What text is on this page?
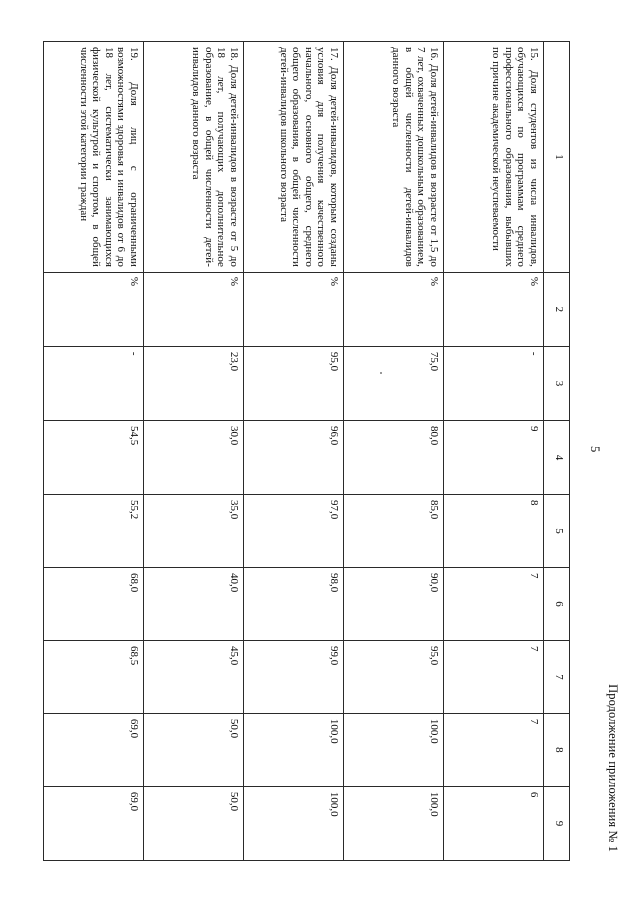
Продолжение приложения № 1
5
1	2	3	4	5	6	7	8	9
15. Доля студентов из числа инвалидов, обучающихся по программам среднего профессионального образования, выбывших по причине академической неуспеваемости	%	-	9	8	7	7	7	6
16. Доля детей-инвалидов в возрасте от 1,5 до 7 лет, охваченных дошкольным образованием, в общей численности детей-инвалидов данного возраста	%	75,0	80,0	85,0	90,0	95,0	100,0	100,0
17. Доля детей-инвалидов, которым созданы условия для получения качественного начального, основного общего, среднего общего образования, в общей численности детей-инвалидов школьного возраста	%	95,0	96,0	97,0	98,0	99,0	100,0	100,0
18. Доля детей-инвалидов в возрасте от 5 до 18 лет, получающих дополнительное образование, в общей численности детей-инвалидов данного возраста	%	23,0	30,0	35,0	40,0	45,0	50,0	50,0
19. Доля лиц с ограниченными возможностями здоровья и инвалидов от 6 до 18 лет, систематически занимающихся физической культурой и спортом, в общей численности этой категории граждан	%	-	54,5	55,2	68,0	68,5	69,0	69,0
